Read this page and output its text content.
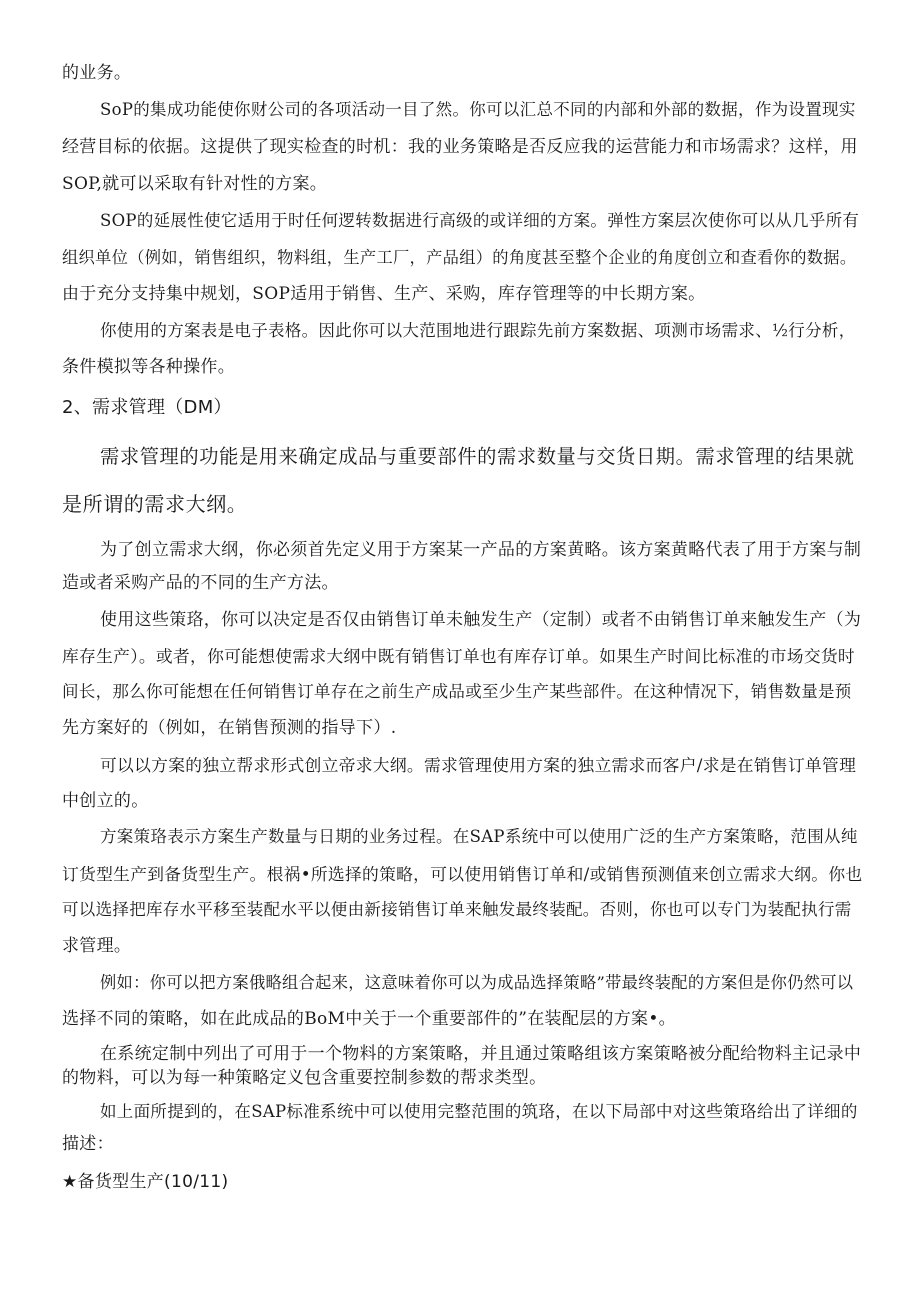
的业务。
SoP的集成功能使你财公司的各项活动一目了然。你可以汇总不同的内部和外部的数据，作为设置现实
经营目标的依据。这提供了现实检查的时机：我的业务策略是否反应我的运营能力和市场需求？这样，用
SOP,就可以采取有针对性的方案。
SOP的延展性使它适用于时任何逻转数据进行高级的或详细的方案。弹性方案层次使你可以从几乎所有
组织单位（例如，销售组织，物料组，生产工厂，产品组）的角度甚至整个企业的角度创立和查看你的数据。
由于充分支持集中规划，SOP适用于销售、生产、采购，库存管理等的中长期方案。
你使用的方案表是电子表格。因此你可以大范围地进行跟踪先前方案数据、项测市场需求、½行分析，
条件模拟等各种操作。
2、需求管理（DM）
需求管理的功能是用来确定成品与重要部件的需求数量与交货日期。需求管理的结果就
是所谓的需求大纲。
为了创立需求大纲，你必须首先定义用于方案某一产品的方案黄略。该方案黄略代表了用于方案与制
造或者采购产品的不同的生产方法。
使用这些策珞，你可以决定是否仅由销售订单未触发生产（定制）或者不由销售订单来触发生产（为
库存生产）。或者，你可能想使需求大纲中既有销售订单也有库存订单。如果生产时间比标准的市场交货时
间长，那么你可能想在任何销售订单存在之前生产成品或至少生产某些部件。在这种情况下，销售数量是预
先方案好的（例如，在销售预测的指导下）.
可以以方案的独立帮求形式创立帝求大纲。需求管理使用方案的独立需求而客户/求是在销售订单管理
中创立的。
方案策珞表示方案生产数量与日期的业务过程。在SAP系统中可以使用广泛的生产方案策略，范围从纯
订货型生产到备货型生产。根祸•所选择的策略，可以使用销售订单和/或销售预测值来创立需求大纲。你也
可以选择把库存水平移至装配水平以便由新接销售订单来触发最终装配。否则，你也可以专门为装配执行需
求管理。
例如：你可以把方案俄略组合起来，这意味着你可以为成品选择策略”带最终装配的方案但是你仍然可以
选择不同的策略，如在此成品的BoM中关于一个重要部件的”在装配层的方案•。
在系统定制中列出了可用于一个物料的方案策略，并且通过策略组该方案策略被分配给物料主记录中
的物料，可以为每一种策略定义包含重要控制参数的帮求类型。
如上面所提到的，在SAP标准系统中可以使用完整范围的筑珞，在以下局部中对这些策珞给出了详细的
描述：
★备货型生产(10/11)
